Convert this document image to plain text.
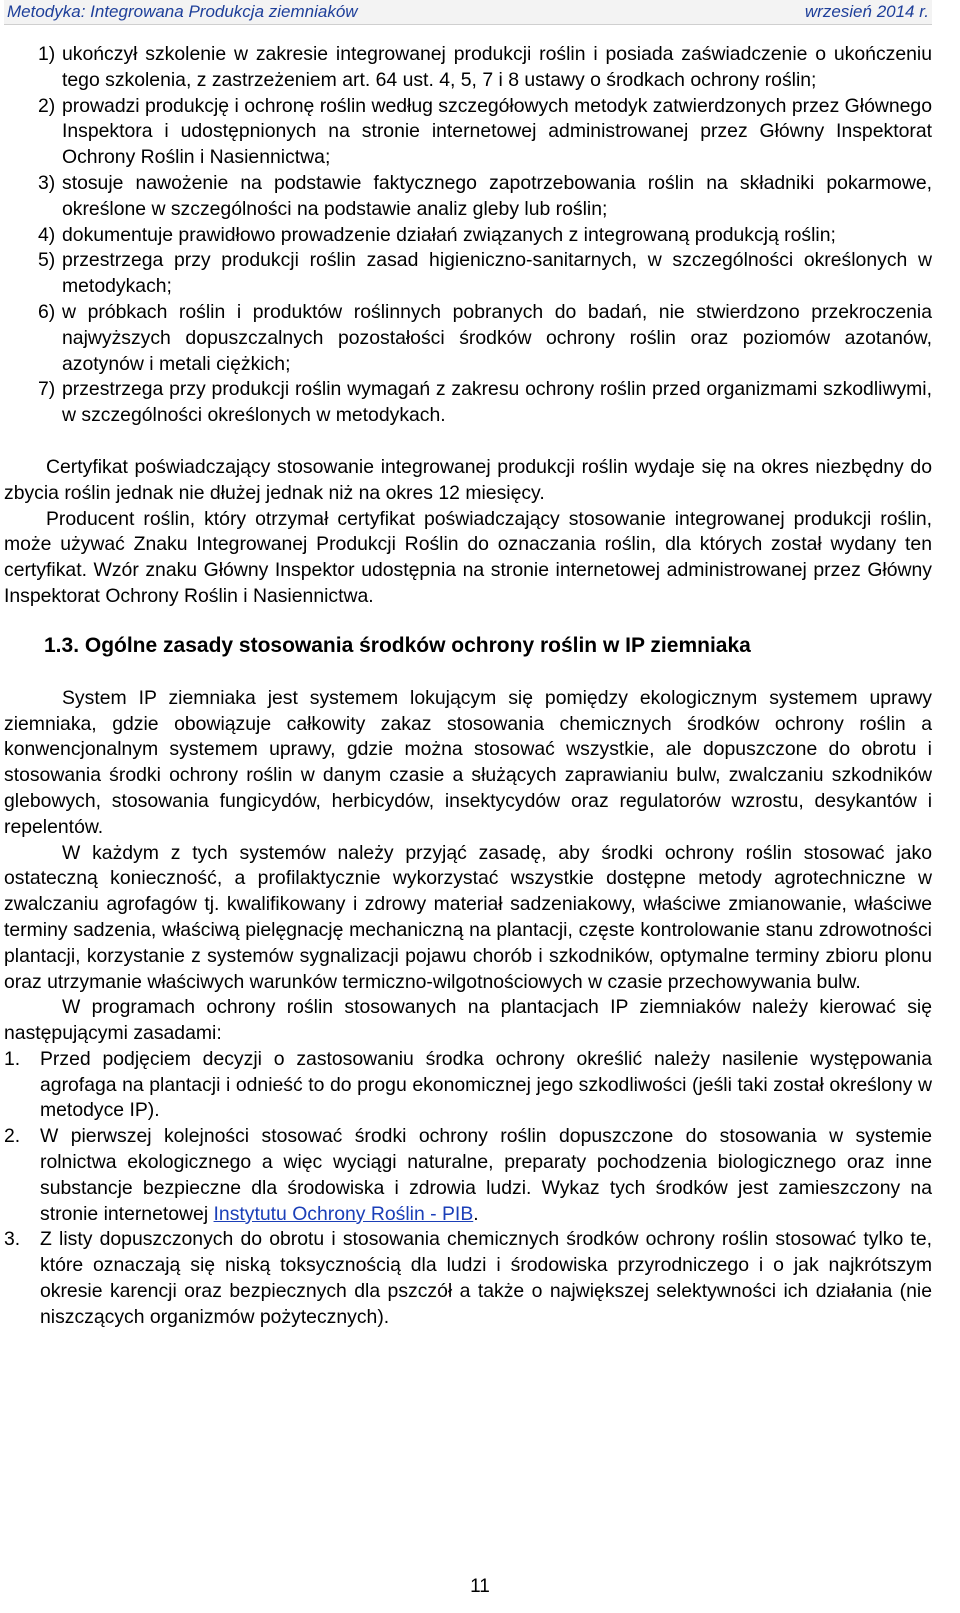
Metodyka: Integrowana Produkcja ziemniaków	wrzesień 2014 r.
1) ukończył szkolenie w zakresie integrowanej produkcji roślin i posiada zaświadczenie o ukończeniu tego szkolenia, z zastrzeżeniem art. 64 ust. 4, 5, 7 i 8 ustawy o środkach ochrony roślin;
2) prowadzi produkcję i ochronę roślin według szczegółowych metodyk zatwierdzonych przez Głównego Inspektora i udostępnionych na stronie internetowej administrowanej przez Główny Inspektorat Ochrony Roślin i Nasiennictwa;
3) stosuje nawożenie na podstawie faktycznego zapotrzebowania roślin na składniki pokarmowe, określone w szczególności na podstawie analiz gleby lub roślin;
4) dokumentuje prawidłowo prowadzenie działań związanych z integrowaną produkcją roślin;
5) przestrzega przy produkcji roślin zasad higieniczno-sanitarnych, w szczególności określonych w metodykach;
6) w próbkach roślin i produktów roślinnych pobranych do badań, nie stwierdzono przekroczenia najwyższych dopuszczalnych pozostałości środków ochrony roślin oraz poziomów azotanów, azotynów i metali ciężkich;
7) przestrzega przy produkcji roślin wymagań z zakresu ochrony roślin przed organizmami szkodliwymi, w szczególności określonych w metodykach.

Certyfikat poświadczający stosowanie integrowanej produkcji roślin wydaje się na okres niezbędny do zbycia roślin jednak nie dłużej jednak niż na okres 12 miesięcy.

Producent roślin, który otrzymał certyfikat poświadczający stosowanie integrowanej produkcji roślin, może używać Znaku Integrowanej Produkcji Roślin do oznaczania roślin, dla których został wydany ten certyfikat. Wzór znaku Główny Inspektor udostępnia na stronie internetowej administrowanej przez Główny Inspektorat Ochrony Roślin i Nasiennictwa.

1.3. Ogólne zasady stosowania środków ochrony roślin w IP ziemniaka

System IP ziemniaka jest systemem lokującym się pomiędzy ekologicznym systemem uprawy ziemniaka, gdzie obowiązuje całkowity zakaz stosowania chemicznych środków ochrony roślin a konwencjonalnym systemem uprawy, gdzie można stosować wszystkie, ale dopuszczone do obrotu i stosowania środki ochrony roślin w danym czasie a służących zaprawianiu bulw, zwalczaniu szkodników glebowych, stosowania fungicydów, herbicydów, insektycydów oraz regulatorów wzrostu, desykantów i repelentów.

W każdym z tych systemów należy przyjąć zasadę, aby środki ochrony roślin stosować jako ostateczną konieczność, a profilaktycznie wykorzystać wszystkie dostępne metody agrotechniczne w zwalczaniu agrofagów tj. kwalifikowany i zdrowy materiał sadzeniakowy, właściwe zmianowanie, właściwe terminy sadzenia, właściwą pielęgnację mechaniczną na plantacji, częste kontrolowanie stanu zdrowotności plantacji, korzystanie z systemów sygnalizacji pojawu chorób i szkodników, optymalne terminy zbioru plonu oraz utrzymanie właściwych warunków termiczno-wilgotnościowych w czasie przechowywania bulw.

W programach ochrony roślin stosowanych na plantacjach IP ziemniaków należy kierować się następującymi zasadami:

1.	Przed podjęciem decyzji o zastosowaniu środka ochrony określić należy nasilenie występowania agrofaga na plantacji i odnieść to do progu ekonomicznej jego szkodliwości (jeśli taki został określony w metodyce IP).
2.	W pierwszej kolejności stosować środki ochrony roślin dopuszczone do stosowania w systemie rolnictwa ekologicznego a więc wyciągi naturalne, preparaty pochodzenia biologicznego oraz inne substancje bezpieczne dla środowiska i zdrowia ludzi. Wykaz tych środków jest zamieszczony na stronie internetowej Instytutu Ochrony Roślin - PIB.
3.	Z listy dopuszczonych do obrotu i stosowania chemicznych środków ochrony roślin stosować tylko te, które oznaczają się niską toksycznością dla ludzi i środowiska przyrodniczego i o jak najkrótszym okresie karencji oraz bezpiecznych dla pszczół a także o największej selektywności ich działania (nie niszczących organizmów pożytecznych).
11
